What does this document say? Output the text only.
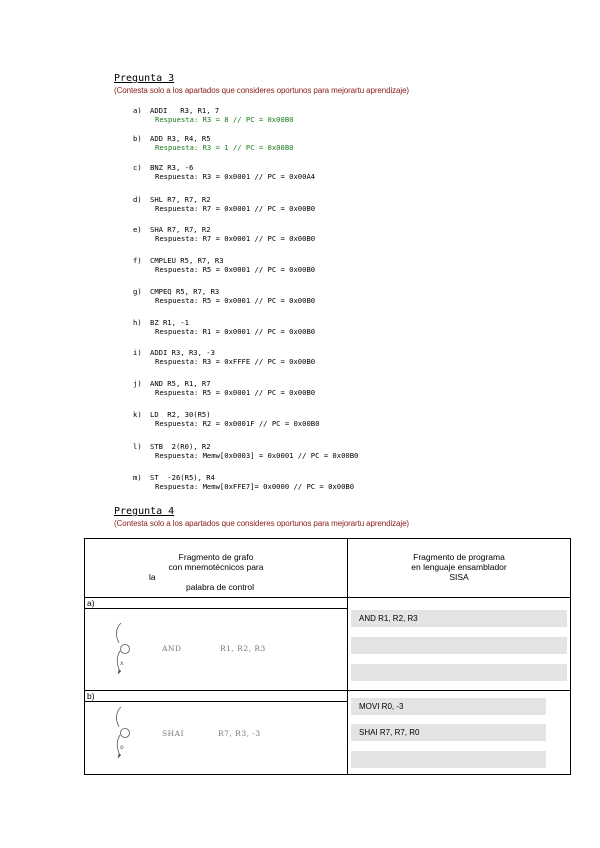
Pregunta 3
(Contesta solo a los apartados que consideres oportunos para mejorartu aprendizaje)
a) ADDI   R3, R1, 7
Respuesta: R3 = 8 // PC = 0x00B0
b) ADD R3, R4, R5
Respuesta: R3 = 1 // PC = 0x00B0
c) BNZ R3, -6
Respuesta: R3 = 0x0001 // PC = 0x00A4
d) SHL R7, R7, R2
Respuesta: R7 = 0x0001 // PC = 0x00B0
e) SHA R7, R7, R2
Respuesta: R7 = 0x0001 // PC = 0x00B0
f) CMPLEU R5, R7, R3
Respuesta: R5 = 0x0001 // PC = 0x00B0
g) CMPEQ R5, R7, R3
Respuesta: R5 = 0x0001 // PC = 0x00B0
h) BZ R1, -1
Respuesta: R1 = 0x0001 // PC = 0x00B0
i) ADDI R3, R3, -3
Respuesta: R3 = 0xFFFE // PC = 0x00B0
j) AND R5, R1, R7
Respuesta: R5 = 0x0001 // PC = 0x00B0
k) LD  R2, 30(R5)
Respuesta: R2 = 0x0001F // PC = 0x00B0
l) STB  2(R0), R2
Respuesta: Memw[0x0003] = 0x0001 // PC = 0x00B0
m) ST  -26(R5), R4
Respuesta: Memw[0xFFE7]= 0x0000 // PC = 0x00B0
Pregunta 4
(Contesta solo a los apartados que consideres oportunos para mejorartu aprendizaje)
Fragmento de grafo
con mnemotécnicos para
la
palabra de control
Fragmento de programa
en lenguaje ensamblador
SISA
a)
x
AND	R1, R2, R3
AND R1, R2, R3
b)
o
SHAI	R7, R3, -3
MOVI R0, -3
SHAI R7, R7, R0
